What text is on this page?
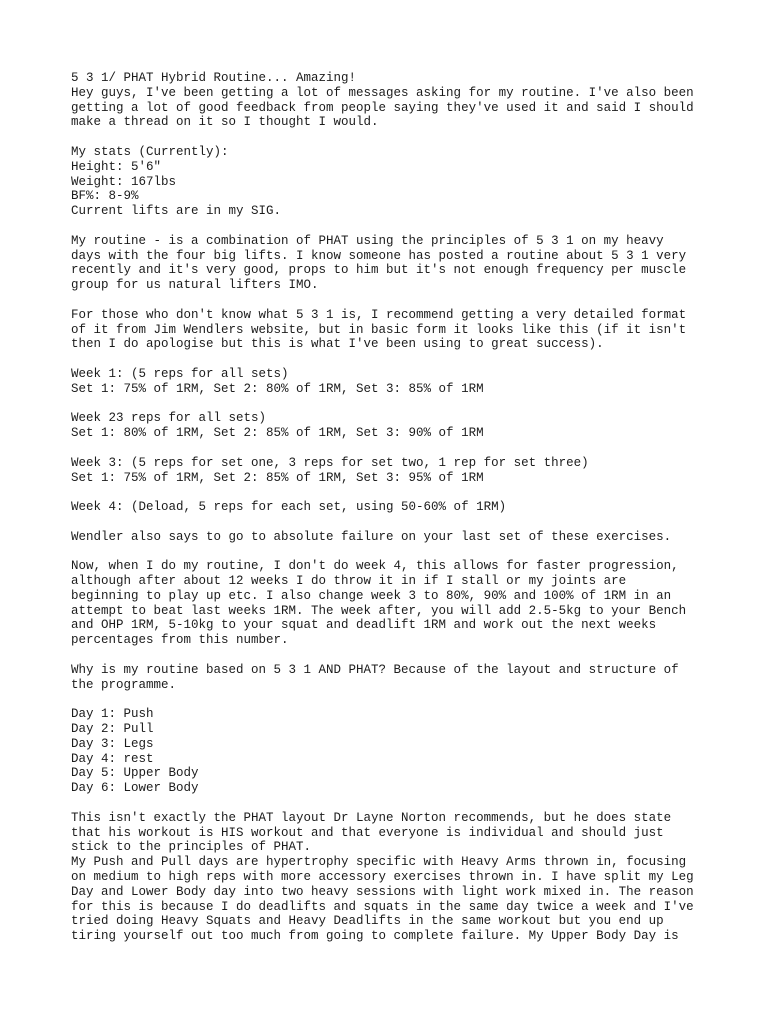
5 3 1/ PHAT Hybrid Routine... Amazing!
Hey guys, I've been getting a lot of messages asking for my routine. I've also been
getting a lot of good feedback from people saying they've used it and said I should
make a thread on it so I thought I would.
My stats (Currently):
Height: 5'6"
Weight: 167lbs
BF%: 8-9%
Current lifts are in my SIG.
My routine - is a combination of PHAT using the principles of 5 3 1 on my heavy
days with the four big lifts. I know someone has posted a routine about 5 3 1 very
recently and it's very good, props to him but it's not enough frequency per muscle
group for us natural lifters IMO.
For those who don't know what 5 3 1 is, I recommend getting a very detailed format
of it from Jim Wendlers website, but in basic form it looks like this (if it isn't
then I do apologise but this is what I've been using to great success).
Week 1: (5 reps for all sets)
Set 1: 75% of 1RM, Set 2: 80% of 1RM, Set 3: 85% of 1RM
Week 23 reps for all sets)
Set 1: 80% of 1RM, Set 2: 85% of 1RM, Set 3: 90% of 1RM
Week 3: (5 reps for set one, 3 reps for set two, 1 rep for set three)
Set 1: 75% of 1RM, Set 2: 85% of 1RM, Set 3: 95% of 1RM
Week 4: (Deload, 5 reps for each set, using 50-60% of 1RM)
Wendler also says to go to absolute failure on your last set of these exercises.
Now, when I do my routine, I don't do week 4, this allows for faster progression,
although after about 12 weeks I do throw it in if I stall or my joints are
beginning to play up etc. I also change week 3 to 80%, 90% and 100% of 1RM in an
attempt to beat last weeks 1RM. The week after, you will add 2.5-5kg to your Bench
and OHP 1RM, 5-10kg to your squat and deadlift 1RM and work out the next weeks
percentages from this number.
Why is my routine based on 5 3 1 AND PHAT? Because of the layout and structure of
the programme.
Day 1: Push
Day 2: Pull
Day 3: Legs
Day 4: rest
Day 5: Upper Body
Day 6: Lower Body
This isn't exactly the PHAT layout Dr Layne Norton recommends, but he does state
that his workout is HIS workout and that everyone is individual and should just
stick to the principles of PHAT.
My Push and Pull days are hypertrophy specific with Heavy Arms thrown in, focusing
on medium to high reps with more accessory exercises thrown in. I have split my Leg
Day and Lower Body day into two heavy sessions with light work mixed in. The reason
for this is because I do deadlifts and squats in the same day twice a week and I've
tried doing Heavy Squats and Heavy Deadlifts in the same workout but you end up
tiring yourself out too much from going to complete failure. My Upper Body Day is
